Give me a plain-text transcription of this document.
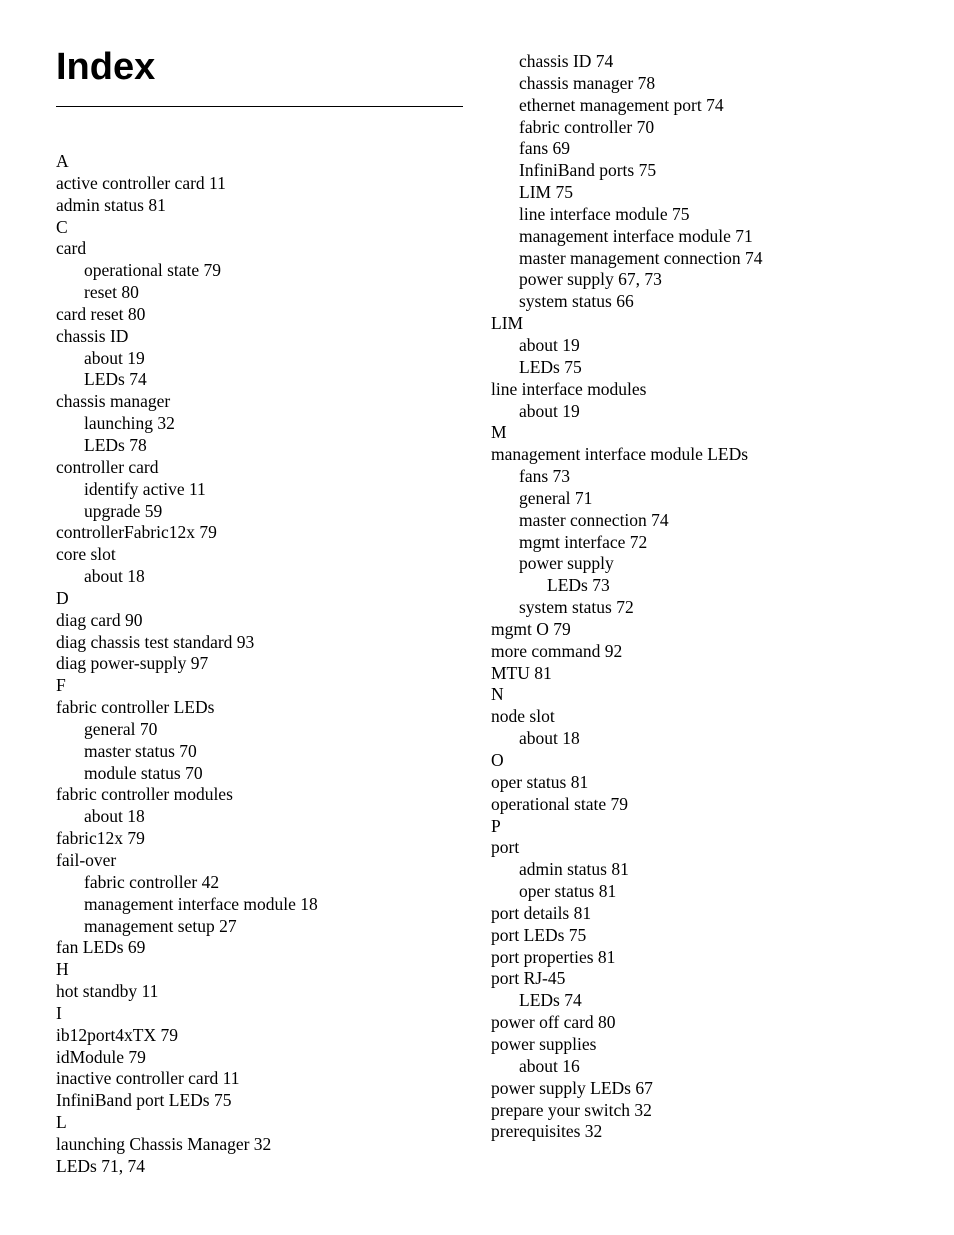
Index
A
active controller card 11
admin status 81
C
card
operational state 79
reset 80
card reset 80
chassis ID
about 19
LEDs 74
chassis manager
launching 32
LEDs 78
controller card
identify active 11
upgrade 59
controllerFabric12x 79
core slot
about 18
D
diag card 90
diag chassis test standard 93
diag power-supply 97
F
fabric controller LEDs
general 70
master status 70
module status 70
fabric controller modules
about 18
fabric12x 79
fail-over
fabric controller 42
management interface module 18
management setup 27
fan LEDs 69
H
hot standby 11
I
ib12port4xTX 79
idModule 79
inactive controller card 11
InfiniBand port LEDs 75
L
launching Chassis Manager 32
LEDs 71, 74
chassis ID 74
chassis manager 78
ethernet management port 74
fabric controller 70
fans 69
InfiniBand ports 75
LIM 75
line interface module 75
management interface module 71
master management connection 74
power supply 67, 73
system status 66
LIM
about 19
LEDs 75
line interface modules
about 19
M
management interface module LEDs
fans 73
general 71
master connection 74
mgmt interface 72
power supply
LEDs 73
system status 72
mgmt O 79
more command 92
MTU 81
N
node slot
about 18
O
oper status 81
operational state 79
P
port
admin status 81
oper status 81
port details 81
port LEDs 75
port properties 81
port RJ-45
LEDs 74
power off card 80
power supplies
about 16
power supply LEDs 67
prepare your switch 32
prerequisites 32
